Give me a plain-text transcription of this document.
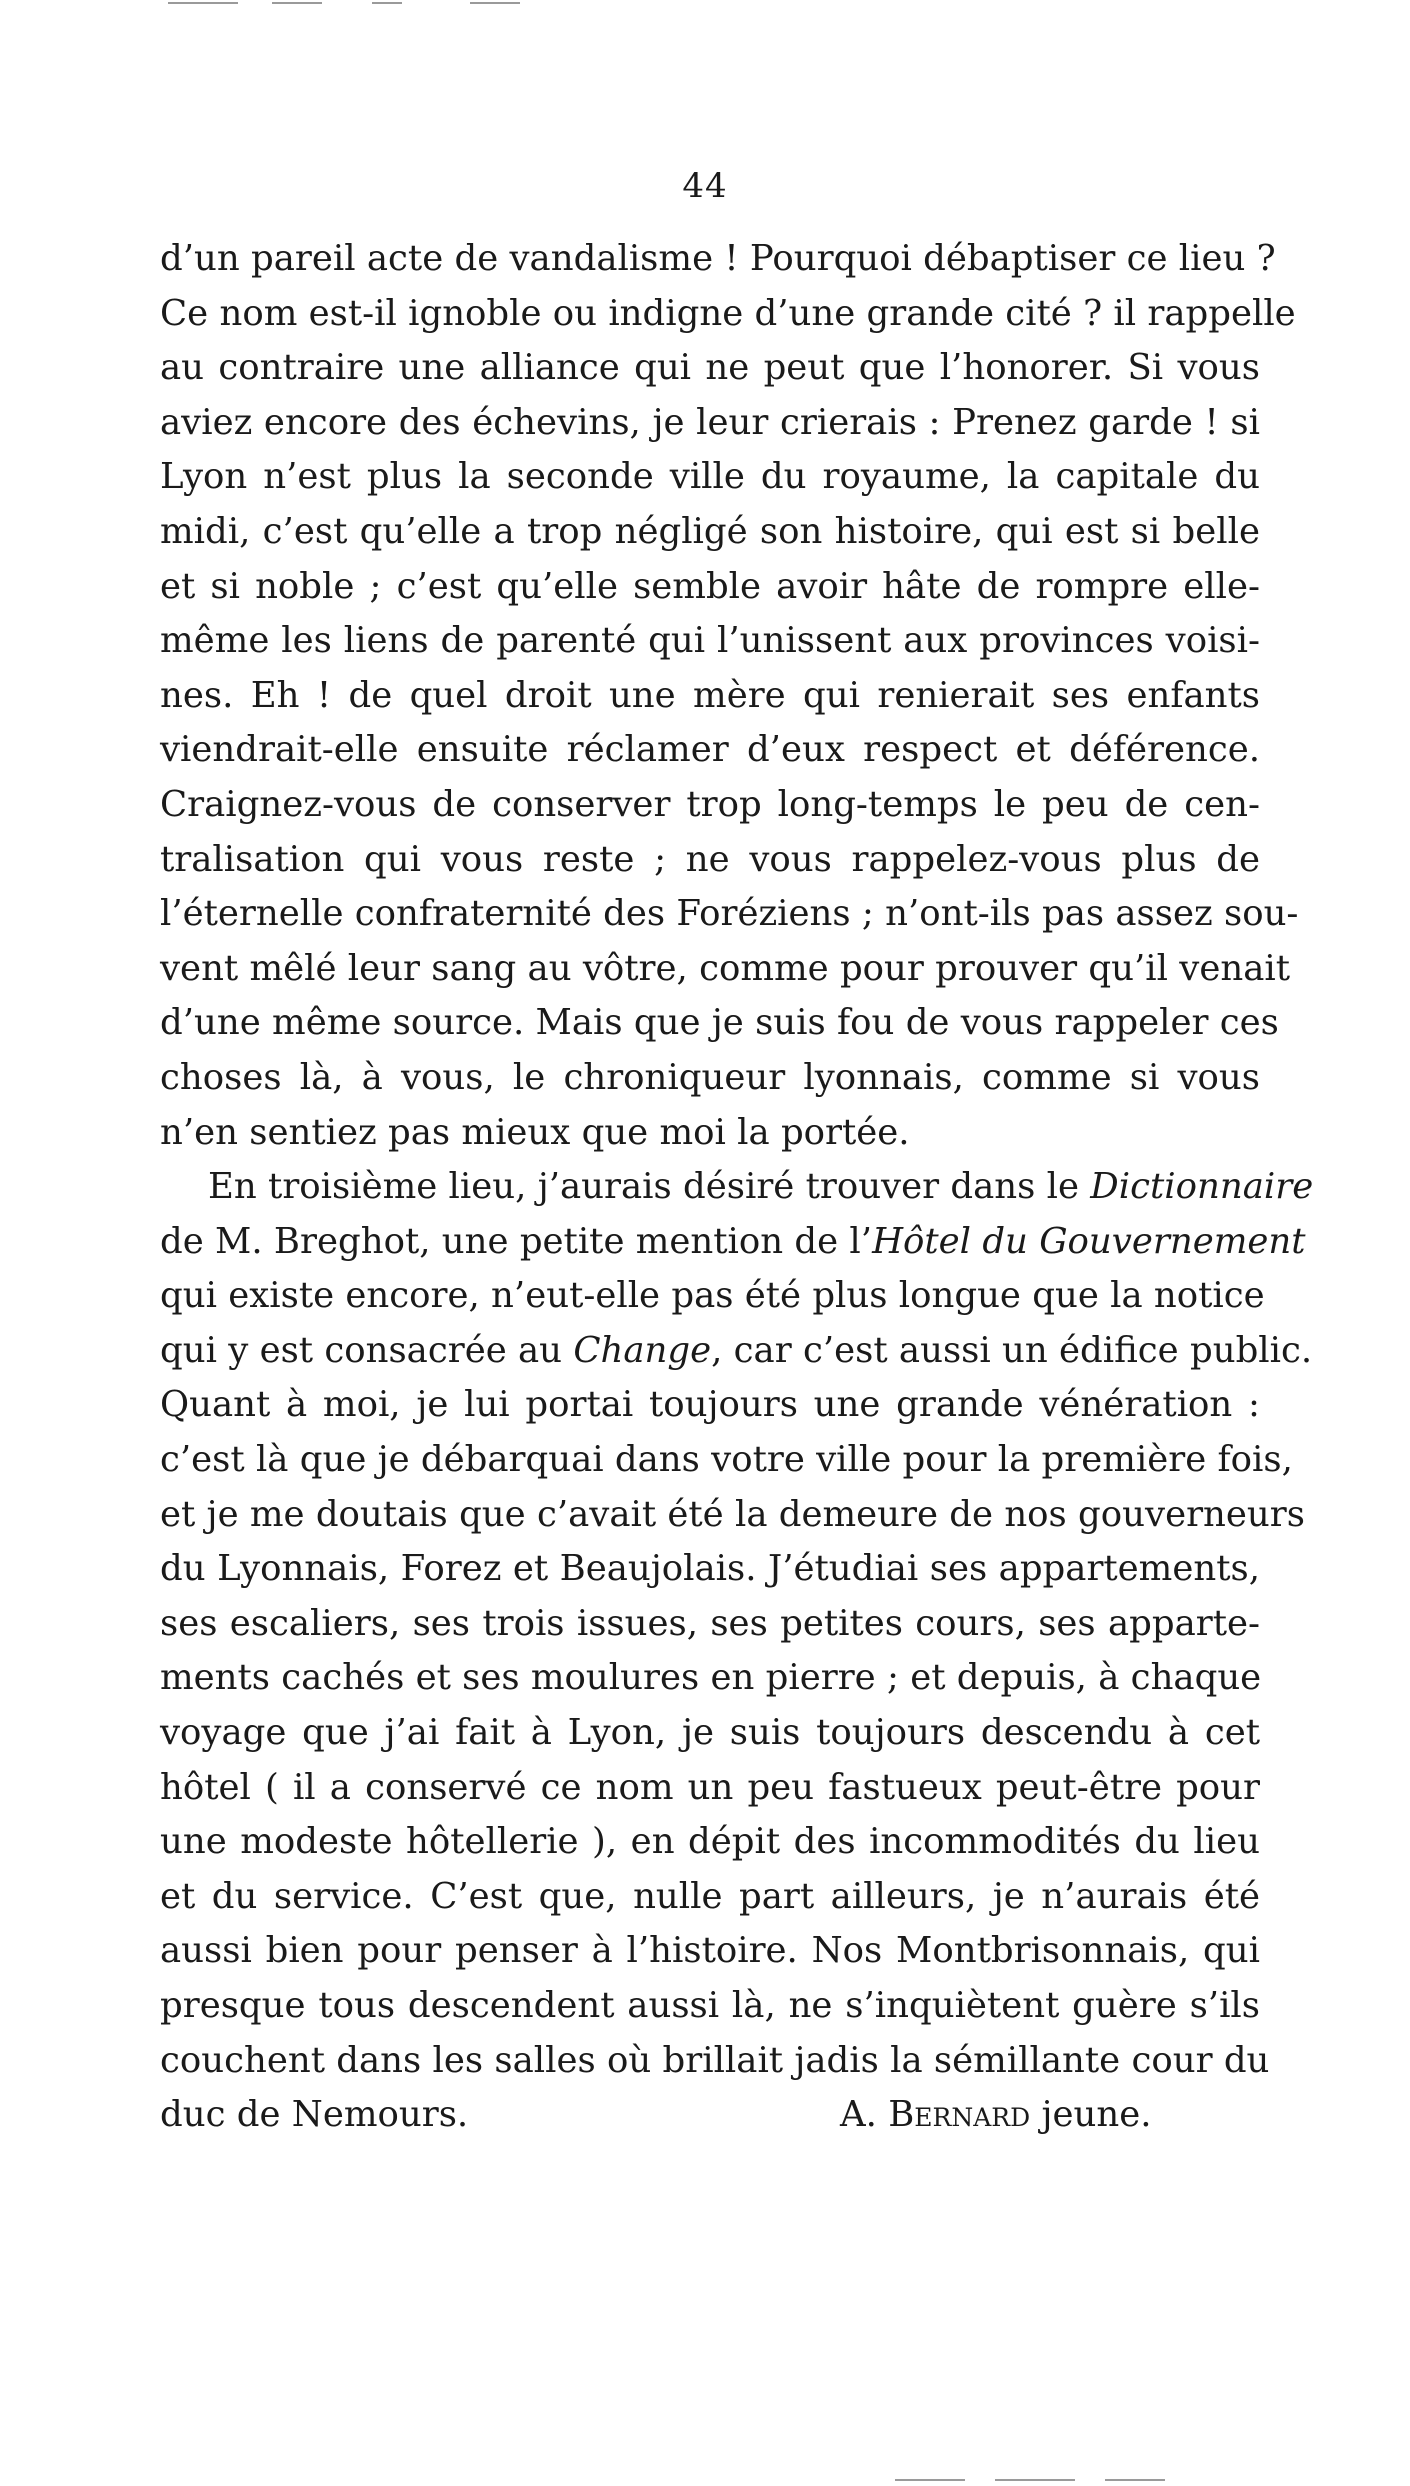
44
d’un pareil acte de vandalisme ! Pourquoi débaptiser ce lieu ?
Ce nom est-il ignoble ou indigne d’une grande cité ? il rappelle
au contraire une alliance qui ne peut que l’honorer. Si vous
aviez encore des échevins, je leur crierais : Prenez garde ! si
Lyon n’est plus la seconde ville du royaume, la capitale du
midi, c’est qu’elle a trop négligé son histoire, qui est si belle
et si noble ; c’est qu’elle semble avoir hâte de rompre elle-
même les liens de parenté qui l’unissent aux provinces voisi-
nes. Eh ! de quel droit une mère qui renierait ses enfants
viendrait-elle ensuite réclamer d’eux respect et déférence.
Craignez-vous de conserver trop long-temps le peu de cen-
tralisation qui vous reste ; ne vous rappelez-vous plus de
l’éternelle confraternité des Foréziens ; n’ont-ils pas assez sou-
vent mêlé leur sang au vôtre, comme pour prouver qu’il venait
d’une même source. Mais que je suis fou de vous rappeler ces
choses là, à vous, le chroniqueur lyonnais, comme si vous
n’en sentiez pas mieux que moi la portée.
En troisième lieu, j’aurais désiré trouver dans le Dictionnaire
de M. Breghot, une petite mention de l’Hôtel du Gouvernement
qui existe encore, n’eut-elle pas été plus longue que la notice
qui y est consacrée au Change, car c’est aussi un édifice public.
Quant à moi, je lui portai toujours une grande vénération :
c’est là que je débarquai dans votre ville pour la première fois,
et je me doutais que c’avait été la demeure de nos gouverneurs
du Lyonnais, Forez et Beaujolais. J’étudiai ses appartements,
ses escaliers, ses trois issues, ses petites cours, ses apparte-
ments cachés et ses moulures en pierre ; et depuis, à chaque
voyage que j’ai fait à Lyon, je suis toujours descendu à cet
hôtel ( il a conservé ce nom un peu fastueux peut-être pour
une modeste hôtellerie ), en dépit des incommodités du lieu
et du service. C’est que, nulle part ailleurs, je n’aurais été
aussi bien pour penser à l’histoire. Nos Montbrisonnais, qui
presque tous descendent aussi là, ne s’inquiètent guère s’ils
couchent dans les salles où brillait jadis la sémillante cour du
duc de Nemours.	A. Bernard jeune.
